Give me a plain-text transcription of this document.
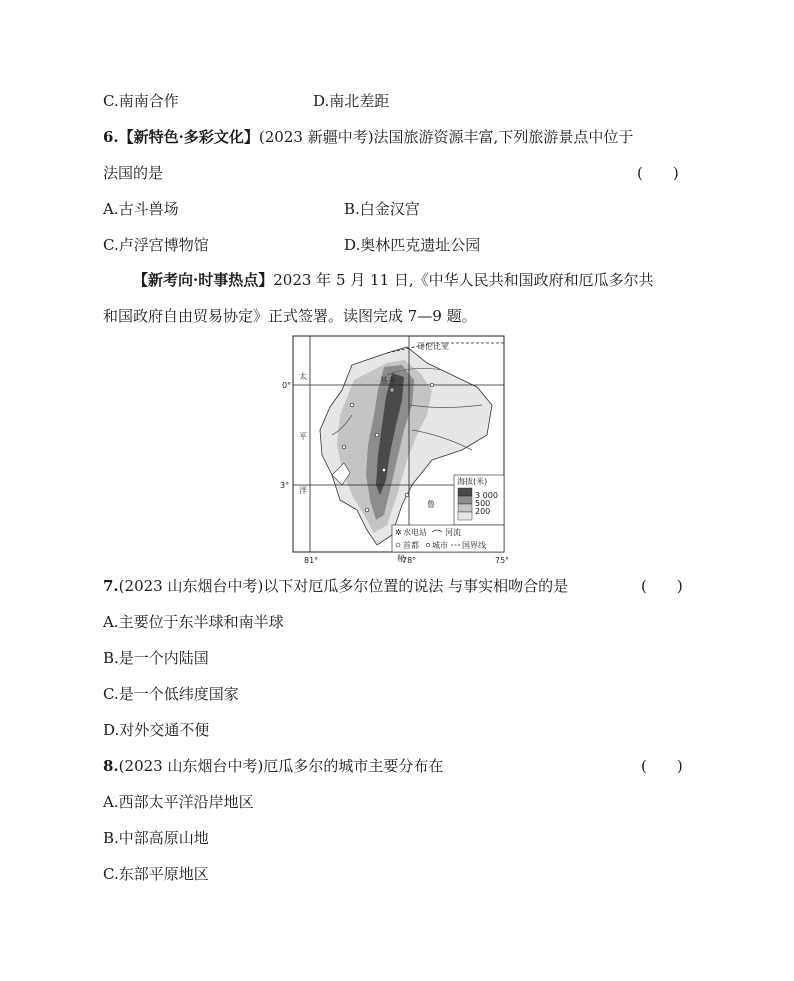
C.南南合作	D.南北差距
6.【新特色·多彩文化】(2023 新疆中考)法国旅游资源丰富,下列旅游景点中位于
法国的是	(　　)
A.古斗兽场	B.白金汉宫
C.卢浮宫博物馆	D.奥林匹克遗址公园
【新考向·时事热点】2023 年 5 月 11 日,《中华人民共和国政府和厄瓜多尔共
和国政府自由贸易协定》正式签署。读图完成 7—9 题。
哥伦比亚
基多
太
平
洋
鲁
秘
0°
3°
81°	78°	75°
海拔(米)
3 000
500
200
✲ 水电站 河流
首都 城市 国界线
7.(2023 山东烟台中考)以下对厄瓜多尔位置的说法 与事实相吻合的是	(　　)
A.主要位于东半球和南半球
B.是一个内陆国
C.是一个低纬度国家
D.对外交通不便
8.(2023 山东烟台中考)厄瓜多尔的城市主要分布在	(　　)
A.西部太平洋沿岸地区
B.中部高原山地
C.东部平原地区
